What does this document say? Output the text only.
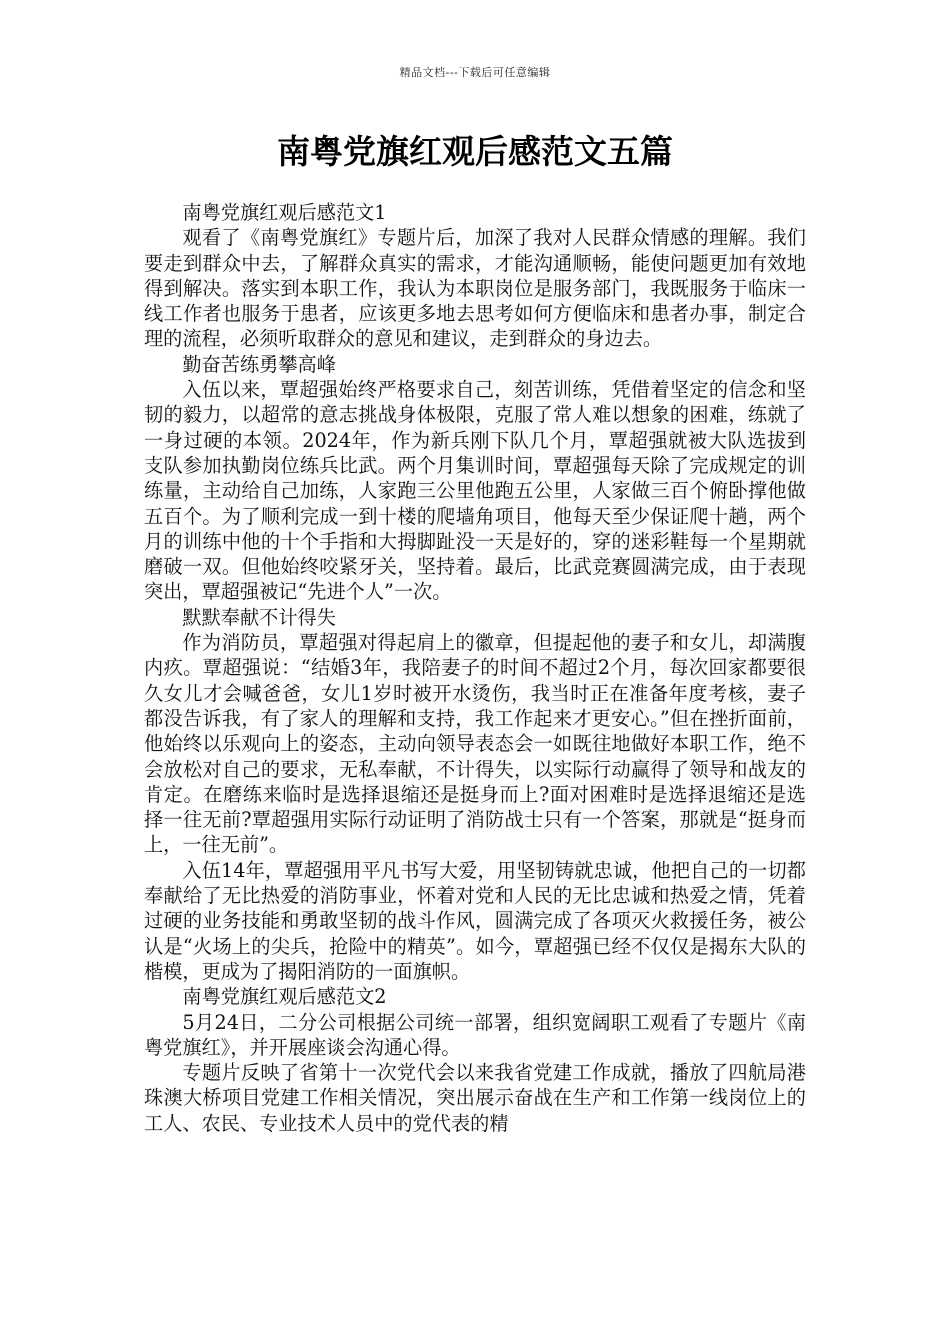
精品文档---下载后可任意编辑
南粤党旗红观后感范文五篇

南粤党旗红观后感范文1

观看了《南粤党旗红》专题片后，加深了我对人民群众情感的理解。我们要走到群众中去，了解群众真实的需求，才能沟通顺畅，能使问题更加有效地得到解决。落实到本职工作，我认为本职岗位是服务部门，我既服务于临床一线工作者也服务于患者，应该更多地去思考如何方便临床和患者办事，制定合理的流程，必须听取群众的意见和建议，走到群众的身边去。

勤奋苦练勇攀高峰

入伍以来，覃超强始终严格要求自己，刻苦训练，凭借着坚定的信念和坚韧的毅力，以超常的意志挑战身体极限，克服了常人难以想象的困难，练就了一身过硬的本领。2024年，作为新兵刚下队几个月，覃超强就被大队选拔到支队参加执勤岗位练兵比武。两个月集训时间，覃超强每天除了完成规定的训练量，主动给自己加练，人家跑三公里他跑五公里，人家做三百个俯卧撑他做五百个。为了顺利完成一到十楼的爬墙角项目，他每天至少保证爬十趟，两个月的训练中他的十个手指和大拇脚趾没一天是好的，穿的迷彩鞋每一个星期就磨破一双。但他始终咬紧牙关，坚持着。最后，比武竞赛圆满完成，由于表现突出，覃超强被记“先进个人”一次。

默默奉献不计得失

作为消防员，覃超强对得起肩上的徽章，但提起他的妻子和女儿，却满腹内疚。覃超强说：“结婚3年，我陪妻子的时间不超过2个月，每次回家都要很久女儿才会喊爸爸，女儿1岁时被开水烫伤，我当时正在准备年度考核，妻子都没告诉我，有了家人的理解和支持，我工作起来才更安心。”但在挫折面前，他始终以乐观向上的姿态，主动向领导表态会一如既往地做好本职工作，绝不会放松对自己的要求，无私奉献，不计得失，以实际行动赢得了领导和战友的肯定。在磨练来临时是选择退缩还是挺身而上?面对困难时是选择退缩还是选择一往无前?覃超强用实际行动证明了消防战士只有一个答案，那就是“挺身而上，一往无前”。

入伍14年，覃超强用平凡书写大爱，用坚韧铸就忠诚，他把自己的一切都奉献给了无比热爱的消防事业，怀着对党和人民的无比忠诚和热爱之情，凭着过硬的业务技能和勇敢坚韧的战斗作风，圆满完成了各项灭火救援任务，被公认是“火场上的尖兵，抢险中的精英”。如今，覃超强已经不仅仅是揭东大队的楷模，更成为了揭阳消防的一面旗帜。

南粤党旗红观后感范文2

5月24日，二分公司根据公司统一部署，组织宽阔职工观看了专题片《南粤党旗红》，并开展座谈会沟通心得。

专题片反映了省第十一次党代会以来我省党建工作成就，播放了四航局港珠澳大桥项目党建工作相关情况，突出展示奋战在生产和工作第一线岗位上的工人、农民、专业技术人员中的党代表的精
